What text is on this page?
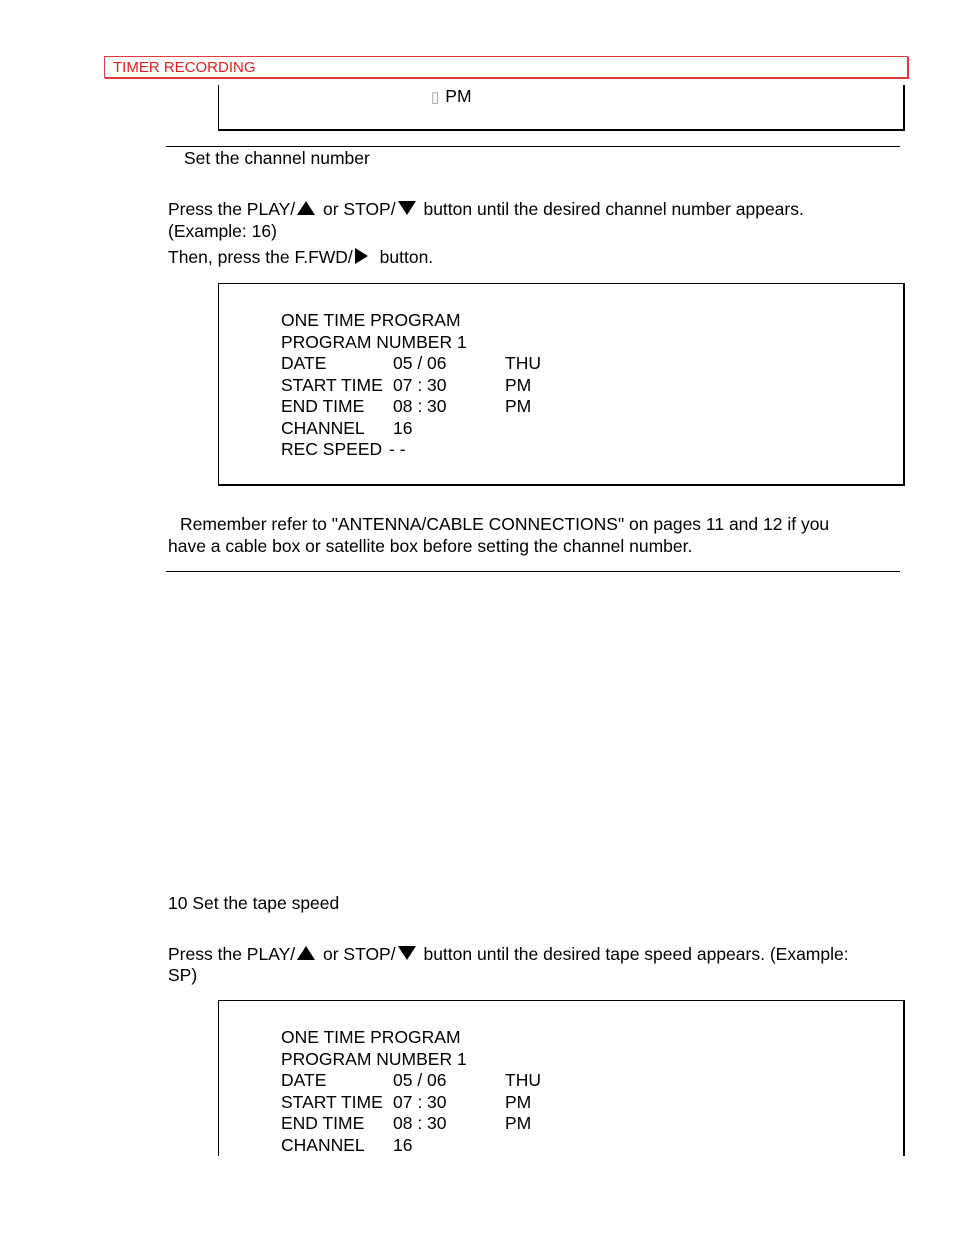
TIMER RECORDING
▯ PM
Set the channel number
Press the PLAY/ or STOP/ button until the desired channel number appears.
(Example: 16)
Then, press the F.FWD/ button.
ONE TIME PROGRAM
PROGRAM NUMBER 1
DATE	05 / 06	THU
START TIME 07 : 30	PM
END TIME 08 : 30	PM
CHANNEL 16
REC SPEED - -
Remember refer to "ANTENNA/CABLE CONNECTIONS" on pages 11 and 12 if you
have a cable box or satellite box before setting the channel number.
10 Set the tape speed
Press the PLAY/ or STOP/ button until the desired tape speed appears. (Example:
SP)
ONE TIME PROGRAM
PROGRAM NUMBER 1
DATE	05 / 06	THU
START TIME 07 : 30	PM
END TIME 08 : 30	PM
CHANNEL 16
